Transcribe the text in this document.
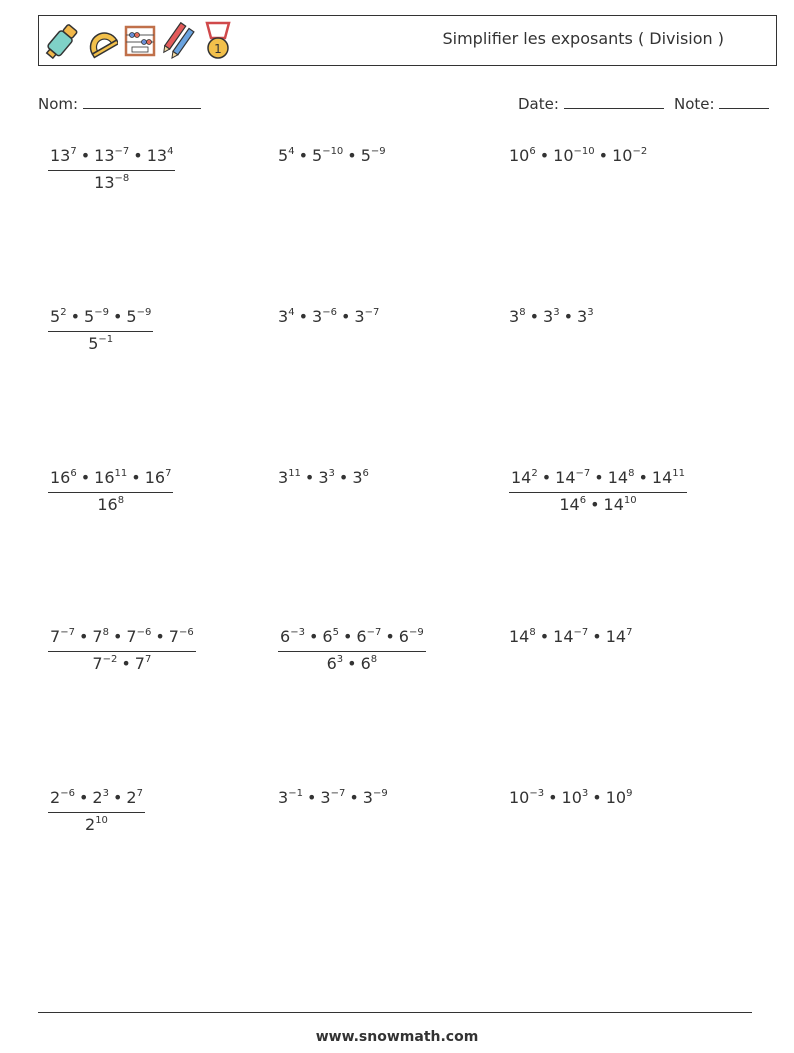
1
Simplifier les exposants ( Division )
Nom:	Date:	Note:
$\frac{13^7 • 13^{-7} • 13^4}{13^{-8}}$	$5^4$ • $5^{-10}$ • $5^{-9}$	$10^6$ • $10^{-10}$ • $10^{-2}$
$\frac{5^2 • 5^{-9} • 5^{-9}}{5^{-1}}$	$3^4$ • $3^{-6}$ • $3^{-7}$	$3^8$ • $3^3$ • $3^3$
$\frac{16^6 • 16^{11} • 16^7}{16^8}$	$3^{11}$ • $3^3$ • $3^6$	$\frac{14^2 • 14^{-7} • 14^8 • 14^{11}}{14^6 • 14^{10}}$
$\frac{7^{-7} • 7^8 • 7^{-6} • 7^{-6}}{7^{-2} • 7^7}$	$\frac{6^{-3} • 6^5 • 6^{-7} • 6^{-9}}{6^3 • 6^8}$	$14^8$ • $14^{-7}$ • $14^7$
$\frac{2^{-6} • 2^3 • 2^7}{2^{10}}$	$3^{-1}$ • $3^{-7}$ • $3^{-9}$	$10^{-3}$ • $10^3$ • $10^9$
www.snowmath.com
